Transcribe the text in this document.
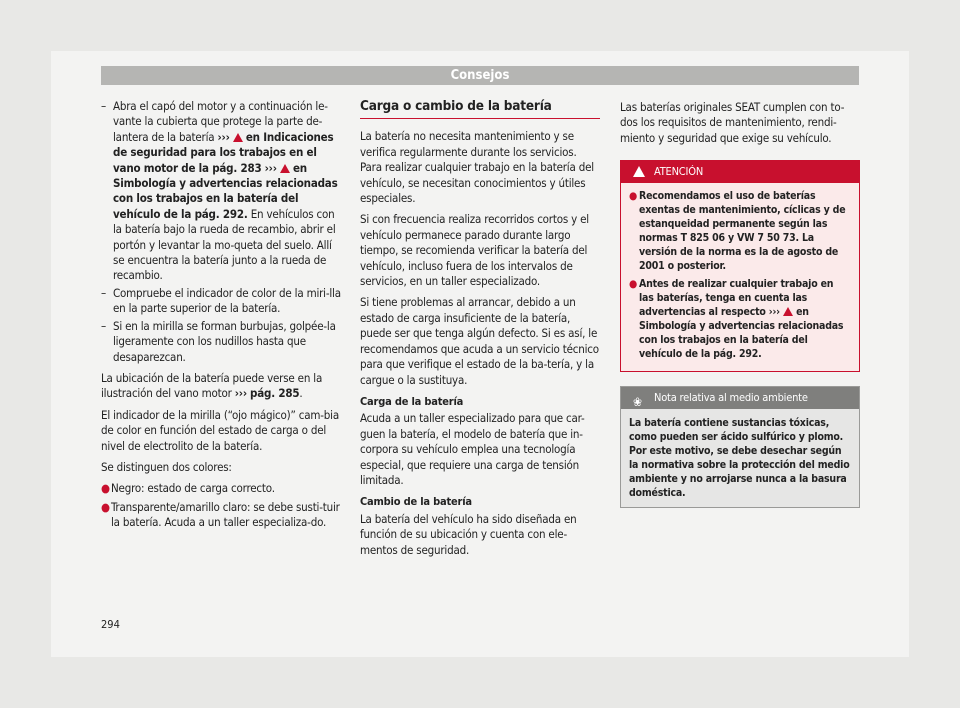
Consejos
– Abra el capó del motor y a continuación le-vante la cubierta que protege la parte de-lantera de la batería ››› en Indicaciones de seguridad para los trabajos en el vano motor de la pág. 283 ››› en Simbología y advertencias relacionadas con los trabajos en la batería del vehículo de la pág. 292. En vehículos con la batería bajo la rueda de recambio, abrir el portón y levantar la mo-queta del suelo. Allí se encuentra la batería junto a la rueda de recambio.
– Compruebe el indicador de color de la miri-lla en la parte superior de la batería.
– Si en la mirilla se forman burbujas, golpée-la ligeramente con los nudillos hasta que desaparezcan.

La ubicación de la batería puede verse en la ilustración del vano motor ››› pág. 285.

El indicador de la mirilla (“ojo mágico)” cam-bia de color en función del estado de carga o del nivel de electrolito de la batería.

Se distinguen dos colores:

● Negro: estado de carga correcto.
● Transparente/amarillo claro: se debe susti-tuir la batería. Acuda a un taller especializa-do.
Carga o cambio de la batería

La batería no necesita mantenimiento y se verifica regularmente durante los servicios. Para realizar cualquier trabajo en la batería del vehículo, se necesitan conocimientos y útiles especiales.

Si con frecuencia realiza recorridos cortos y el vehículo permanece parado durante largo tiempo, se recomienda verificar la batería del vehículo, incluso fuera de los intervalos de servicios, en un taller especializado.

Si tiene problemas al arrancar, debido a un estado de carga insuficiente de la batería, puede ser que tenga algún defecto. Si es así, le recomendamos que acuda a un servicio técnico para que verifique el estado de la ba-tería, y la cargue o la sustituya.

Carga de la batería

Acuda a un taller especializado para que car-guen la batería, el modelo de batería que in-corpora su vehículo emplea una tecnología especial, que requiere una carga de tensión limitada.

Cambio de la batería

La batería del vehículo ha sido diseñada en función de su ubicación y cuenta con ele-mentos de seguridad.

Las baterías originales SEAT cumplen con to-dos los requisitos de mantenimiento, rendi-miento y seguridad que exige su vehículo.

ATENCIÓN
● Recomendamos el uso de baterías exentas de mantenimiento, cíclicas y de estanqueidad permanente según las normas T 825 06 y VW 7 50 73. La versión de la norma es la de agosto de 2001 o posterior.
● Antes de realizar cualquier trabajo en las baterías, tenga en cuenta las advertencias al respecto ››› en Simbología y advertencias relacionadas con los trabajos en la batería del vehículo de la pág. 292.
❀ Nota relativa al medio ambiente
La batería contiene sustancias tóxicas, como pueden ser ácido sulfúrico y plomo. Por este motivo, se debe desechar según la normativa sobre la protección del medio ambiente y no arrojarse nunca a la basura doméstica.
294
